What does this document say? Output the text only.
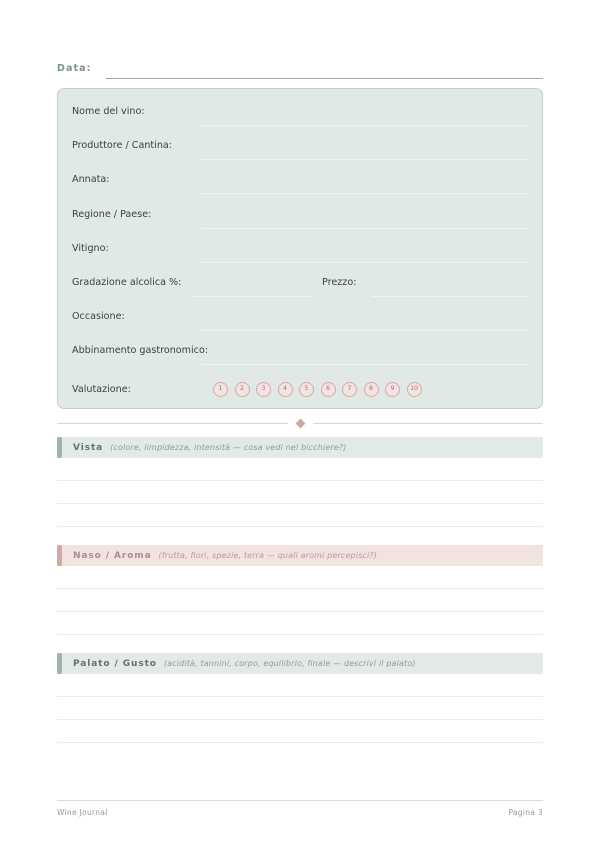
Data:
Nome del vino:
Produttore / Cantina:
Annata:
Regione / Paese:
Vitigno:
Gradazione alcolica %:	Prezzo:
Occasione:
Abbinamento gastronomico:
Valutazione:	1	2	3	4	5	6	7	8	9	10
Vista (colore, limpidezza, intensità — cosa vedi nel bicchiere?)
Naso / Aroma (frutta, fiori, spezie, terra — quali aromi percepisci?)
Palato / Gusto (acidità, tannini, corpo, equilibrio, finale — descrivi il palato)
Wine Journal	Pagina 3
